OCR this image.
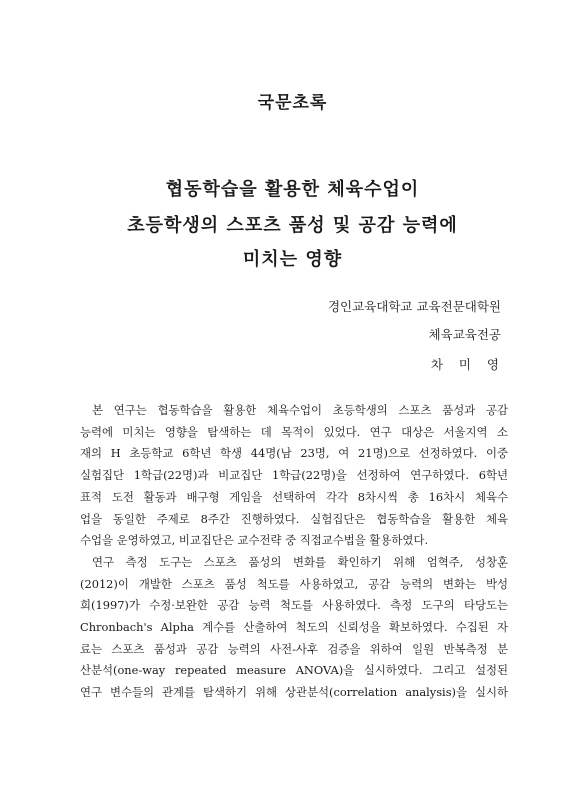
국문초록
협동학습을 활용한 체육수업이
초등학생의 스포츠 품성 및 공감 능력에
미치는 영향
경인교육대학교 교육전문대학원
체육교육전공
차 미 영

본 연구는 협동학습을 활용한 체육수업이 초등학생의 스포츠 품성과 공감

능력에 미치는 영향을 탐색하는 데 목적이 있었다. 연구 대상은 서울지역 소

재의 H 초등학교 6학년 학생 44명(남 23명, 여 21명)으로 선정하였다. 이중

실험집단 1학급(22명)과 비교집단 1학급(22명)을 선정하여 연구하였다. 6학년

표적 도전 활동과 배구형 게임을 선택하여 각각 8차시씩 총 16차시 체육수

업을 동일한 주제로 8주간 진행하였다. 실험집단은 협동학습을 활용한 체육

수업을 운영하였고, 비교집단은 교수전략 중 직접교수법을 활용하였다.

연구 측정 도구는 스포츠 품성의 변화를 확인하기 위해 엄혁주, 성창훈

(2012)이 개발한 스포츠 품성 척도를 사용하였고, 공감 능력의 변화는 박성

희(1997)가 수정·보완한 공감 능력 척도를 사용하였다. 측정 도구의 타당도는

Chronbach's Alpha 계수를 산출하여 척도의 신뢰성을 확보하였다. 수집된 자

료는 스포츠 품성과 공감 능력의 사전-사후 검증을 위하여 일원 반복측정 분

산분석(one-way repeated measure ANOVA)을 실시하였다. 그리고 설정된

연구 변수들의 관계를 탐색하기 위해 상관분석(correlation analysis)을 실시하
